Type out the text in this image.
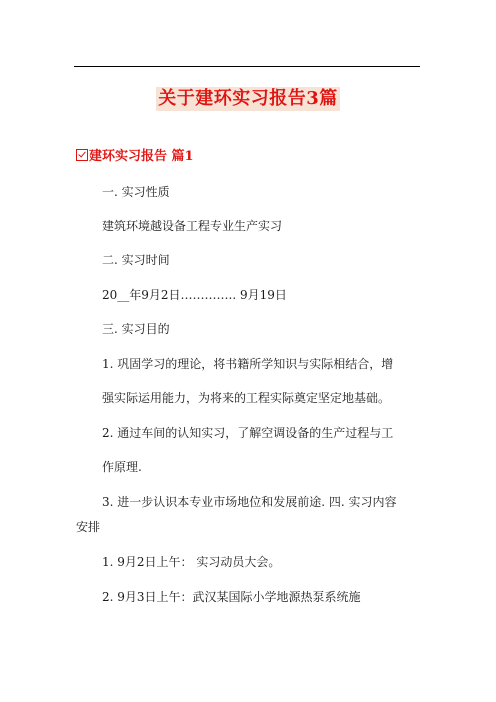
关于建环实习报告3篇
建环实习报告 篇1
一. 实习性质
建筑环境越设备工程专业生产实习
二. 实习时间
20__年9月2日………….. 9月19日
三. 实习目的
1. 巩固学习的理论，将书籍所学知识与实际相结合，增
强实际运用能力，为将来的工程实际奠定坚定地基础。
2. 通过车间的认知实习，了解空调设备的生产过程与工
作原理.
3. 进一步认识本专业市场地位和发展前途. 四. 实习内容
安排
1. 9月2日上午： 实习动员大会。
2. 9月3日上午：武汉某国际小学地源热泵系统施
